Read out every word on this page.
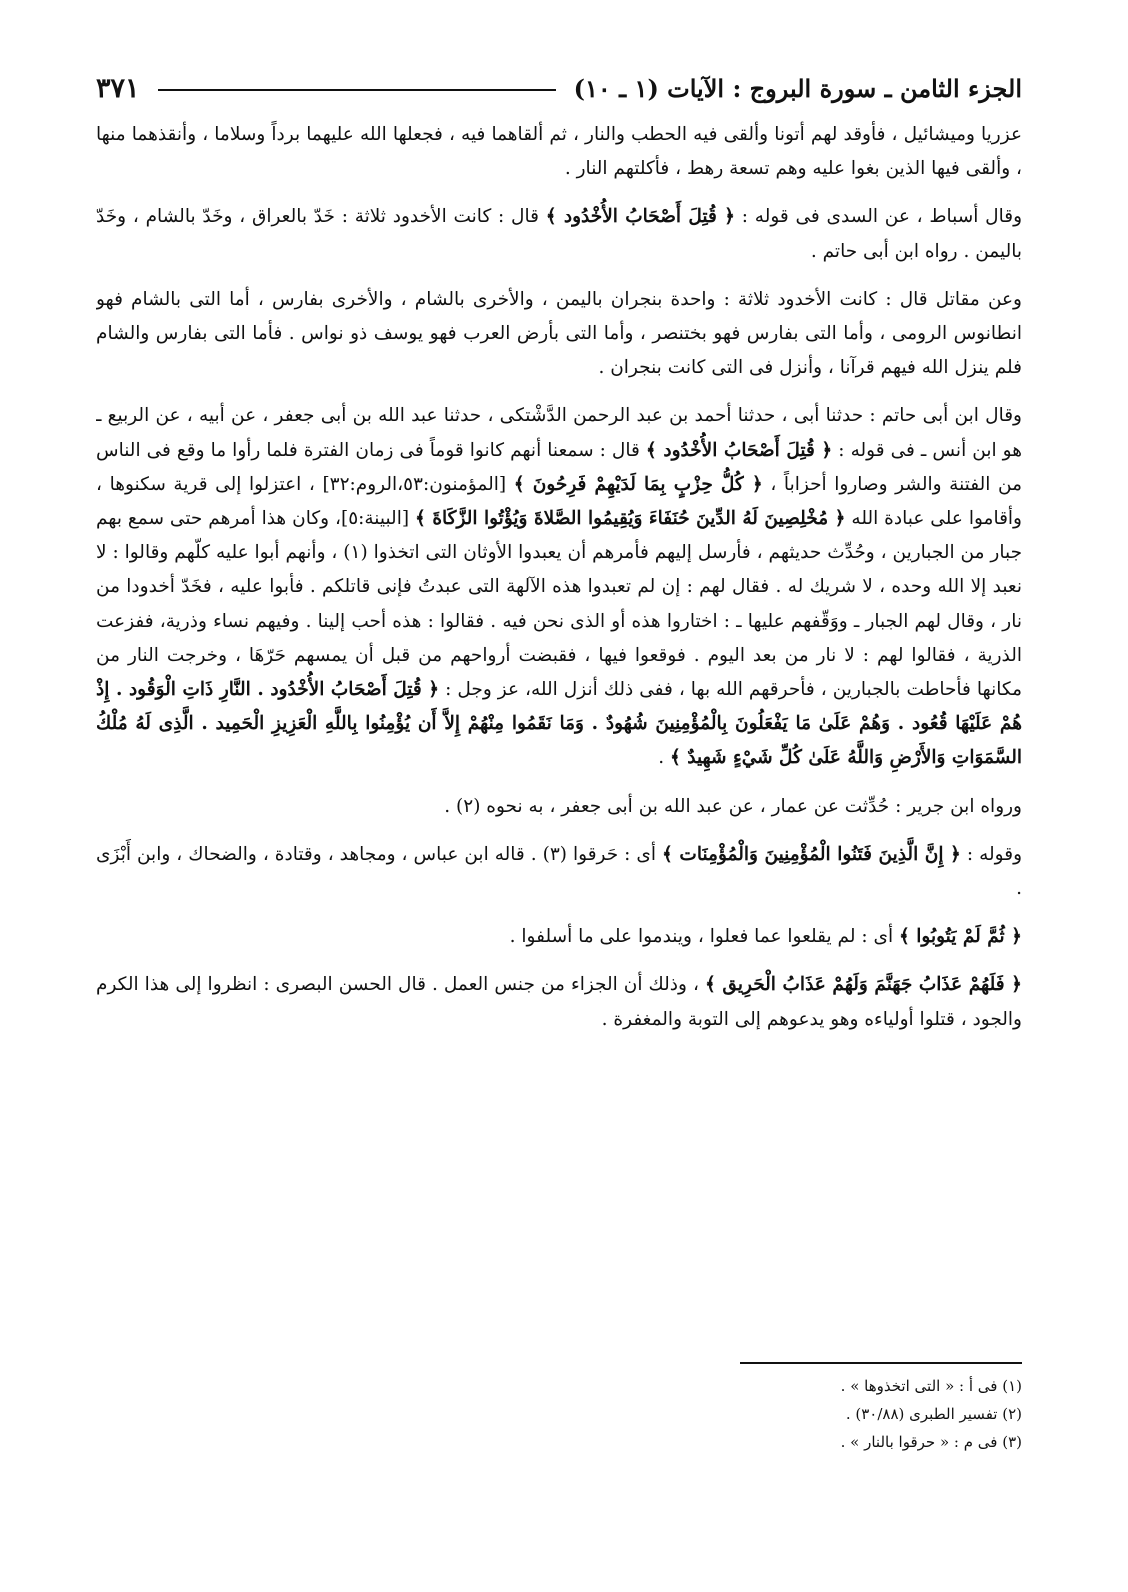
٣٧١	الجزء الثامن ـ سورة البروج : الآيات (١ ـ ١٠)

عزريا وميشائيل ، فأوقد لهم أتونا وألقى فيه الحطب والنار ، ثم ألقاهما فيه ، فجعلها الله عليهما برداً وسلاما ، وأنقذهما منها ، وألقى فيها الذين بغوا عليه وهم تسعة رهط ، فأكلتهم النار .

وقال أسباط ، عن السدى فى قوله : ﴿ قُتِلَ أَصْحَابُ الأُخْدُود ﴾ قال : كانت الأخدود ثلاثة : خَدّ بالعراق ، وخَدّ بالشام ، وخَدّ باليمن . رواه ابن أبى حاتم .

وعن مقاتل قال : كانت الأخدود ثلاثة : واحدة بنجران باليمن ، والأخرى بالشام ، والأخرى بفارس ، أما التى بالشام فهو انطانوس الرومى ، وأما التى بفارس فهو بختنصر ، وأما التى بأرض العرب فهو يوسف ذو نواس . فأما التى بفارس والشام فلم ينزل الله فيهم قرآنا ، وأنزل فى التى كانت بنجران .

وقال ابن أبى حاتم : حدثنا أبى ، حدثنا أحمد بن عبد الرحمن الدَّشْتكى ، حدثنا عبد الله بن أبى جعفر ، عن أبيه ، عن الربيع ـ هو ابن أنس ـ فى قوله : ﴿ قُتِلَ أَصْحَابُ الأُخْدُود ﴾ قال : سمعنا أنهم كانوا قوماً فى زمان الفترة فلما رأوا ما وقع فى الناس من الفتنة والشر وصاروا أحزاباً ، ﴿ كُلُّ حِزْبٍ بِمَا لَدَيْهِمْ فَرِحُونَ ﴾ [المؤمنون:٥٣،الروم:٣٢] ، اعتزلوا إلى قرية سكنوها ، وأقاموا على عبادة الله ﴿ مُخْلِصِينَ لَهُ الدِّينَ حُنَفَاءَ وَيُقِيمُوا الصَّلاةَ وَيُؤْتُوا الزَّكَاةَ ﴾ [البينة:٥]، وكان هذا أمرهم حتى سمع بهم جبار من الجبارين ، وحُدِّث حديثهم ، فأرسل إليهم فأمرهم أن يعبدوا الأوثان التى اتخذوا (١) ، وأنهم أبوا عليه كلّهم وقالوا : لا نعبد إلا الله وحده ، لا شريك له . فقال لهم : إن لم تعبدوا هذه الآلهة التى عبدتُ فإنى قاتلكم . فأبوا عليه ، فخَدّ أخدودا من نار ، وقال لهم الجبار ـ ووَقّفهم عليها ـ : اختاروا هذه أو الذى نحن فيه . فقالوا : هذه أحب إلينا . وفيهم نساء وذرية، ففزعت الذرية ، فقالوا لهم : لا نار من بعد اليوم . فوقعوا فيها ، فقبضت أرواحهم من قبل أن يمسهم حَرّهَا ، وخرجت النار من مكانها فأحاطت بالجبارين ، فأحرقهم الله بها ، ففى ذلك أنزل الله، عز وجل : ﴿ قُتِلَ أَصْحَابُ الأُخْدُود . النَّارِ ذَاتِ الْوَقُود . إِذْ هُمْ عَلَيْهَا قُعُود . وَهُمْ عَلَىٰ مَا يَفْعَلُونَ بِالْمُؤْمِنِينَ شُهُودٌ . وَمَا نَقَمُوا مِنْهُمْ إِلاَّ أَن يُؤْمِنُوا بِاللَّهِ الْعَزِيزِ الْحَمِيد . الَّذِى لَهُ مُلْكُ السَّمَوَاتِ وَالأَرْضِ وَاللَّهُ عَلَىٰ كُلِّ شَيْءٍ شَهِيدٌ ﴾ .

ورواه ابن جرير : حُدِّثت عن عمار ، عن عبد الله بن أبى جعفر ، به نحوه (٢) .

وقوله : ﴿ إِنَّ الَّذِينَ فَتَنُوا الْمُؤْمِنِينَ وَالْمُؤْمِنَات ﴾ أى : حَرقوا (٣) . قاله ابن عباس ، ومجاهد ، وقتادة ، والضحاك ، وابن أَبْزَى .

﴿ ثُمَّ لَمْ يَتُوبُوا ﴾ أى : لم يقلعوا عما فعلوا ، ويندموا على ما أسلفوا .

﴿ فَلَهُمْ عَذَابُ جَهَنَّمَ وَلَهُمْ عَذَابُ الْحَرِيق ﴾ ، وذلك أن الجزاء من جنس العمل . قال الحسن البصرى : انظروا إلى هذا الكرم والجود ، قتلوا أولياءه وهو يدعوهم إلى التوبة والمغفرة .

(١) فى أ : « التى اتخذوها » .
(٢) تفسير الطبرى (٣٠/٨٨) .
(٣) فى م : « حرقوا بالنار » .
